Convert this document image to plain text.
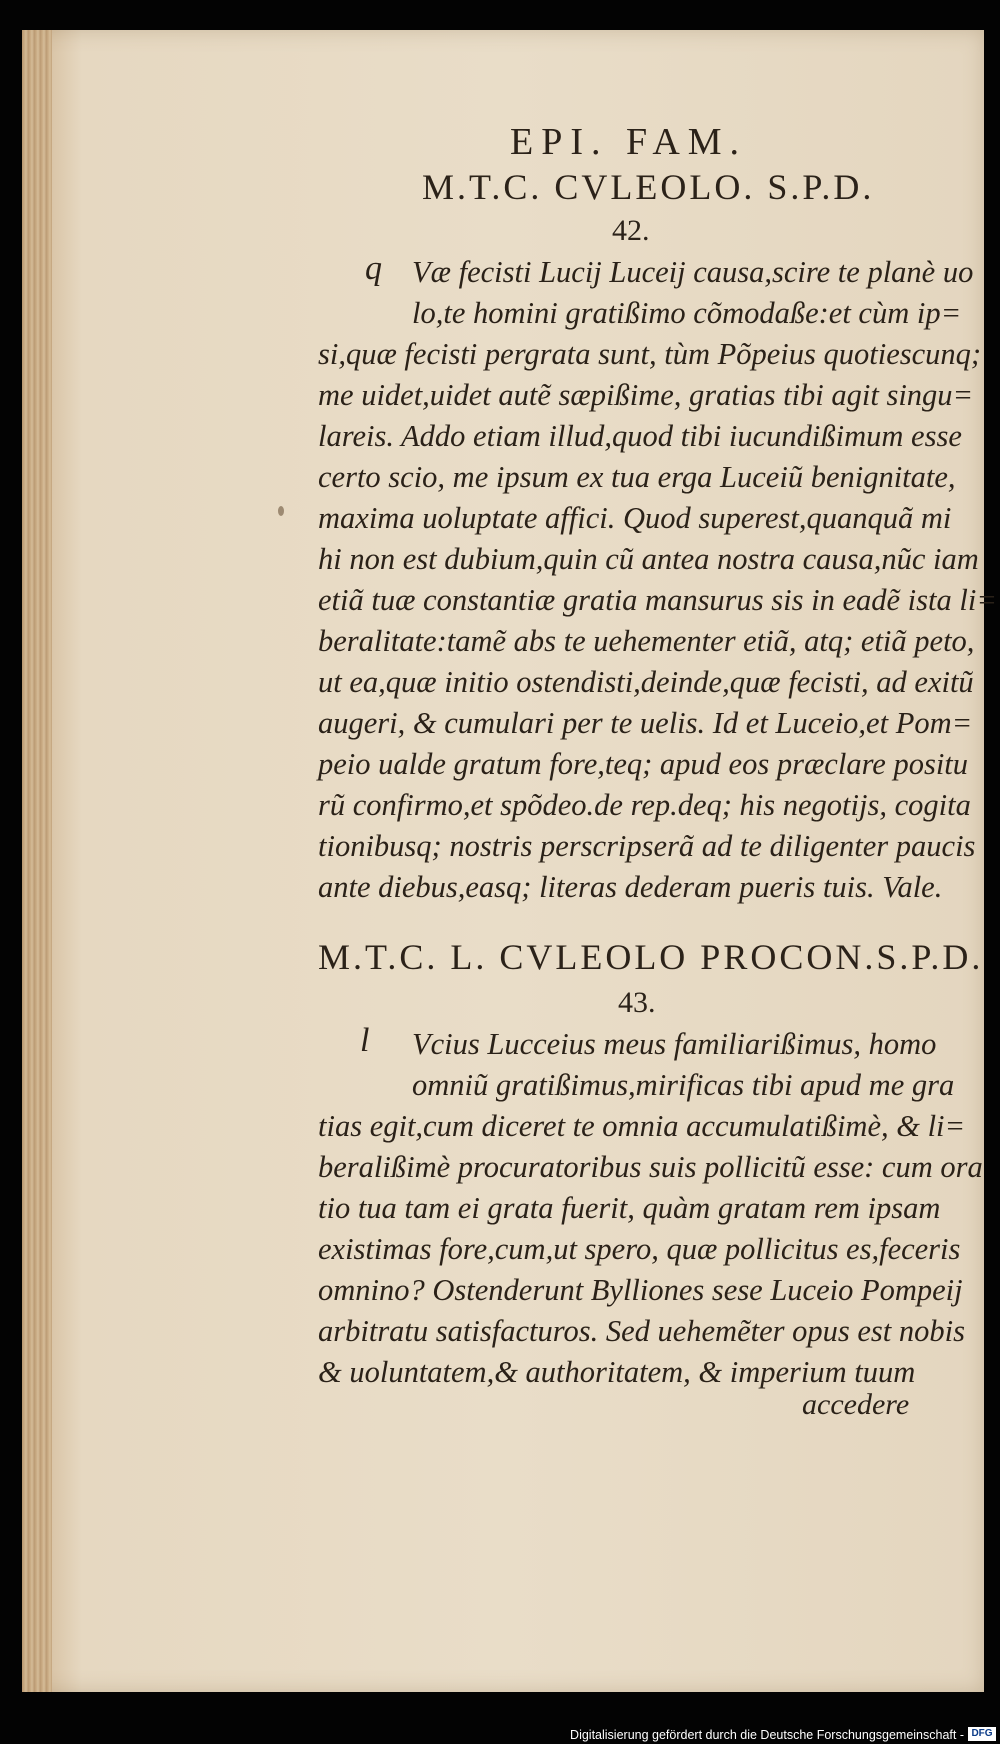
EPI. FAM.
M.T.C. CVLEOLO. S.P.D.
42.
q Væ fecisti Lucij Luceij causa,scire te planè uo
lo,te homini gratißimo cõmodaße:et cùm ip=
si,quæ fecisti pergrata sunt, tùm Põpeius quotiescunq;
me uidet,uidet autẽ sæpißime, gratias tibi agit singu=
lareis. Addo etiam illud,quod tibi iucundißimum esse
certo scio, me ipsum ex tua erga Luceiũ benignitate,
maxima uoluptate affici. Quod superest,quanquã mi
hi non est dubium,quin cũ antea nostra causa,nũc iam
etiã tuæ constantiæ gratia mansurus sis in eadẽ ista li=
beralitate:tamẽ abs te uehementer etiã, atq; etiã peto,
ut ea,quæ initio ostendisti,deinde,quæ fecisti, ad exitũ
augeri, & cumulari per te uelis. Id et Luceio,et Pom=
peio ualde gratum fore,teq; apud eos præclare positu
rũ confirmo,et spõdeo.de rep.deq; his negotijs, cogita
tionibusq; nostris perscripserã ad te diligenter paucis
ante diebus,easq; literas dederam pueris tuis. Vale.
M.T.C. L. CVLEOLO PROCON.S.P.D.
43.
l	Vcius Lucceius meus familiarißimus, homo
omniũ gratißimus,mirificas tibi apud me gra
tias egit,cum diceret te omnia accumulatißimè, & li=
beralißimè procuratoribus suis pollicitũ esse: cum ora
tio tua tam ei grata fuerit, quàm gratam rem ipsam
existimas fore,cum,ut spero, quæ pollicitus es,feceris
omnino? Ostenderunt Bylliones sese Luceio Pompeij
arbitratu satisfacturos. Sed uehemẽter opus est nobis
& uoluntatem,& authoritatem, & imperium tuum
accedere
Digitalisierung gefördert durch die Deutsche Forschungsgemeinschaft - DFG
